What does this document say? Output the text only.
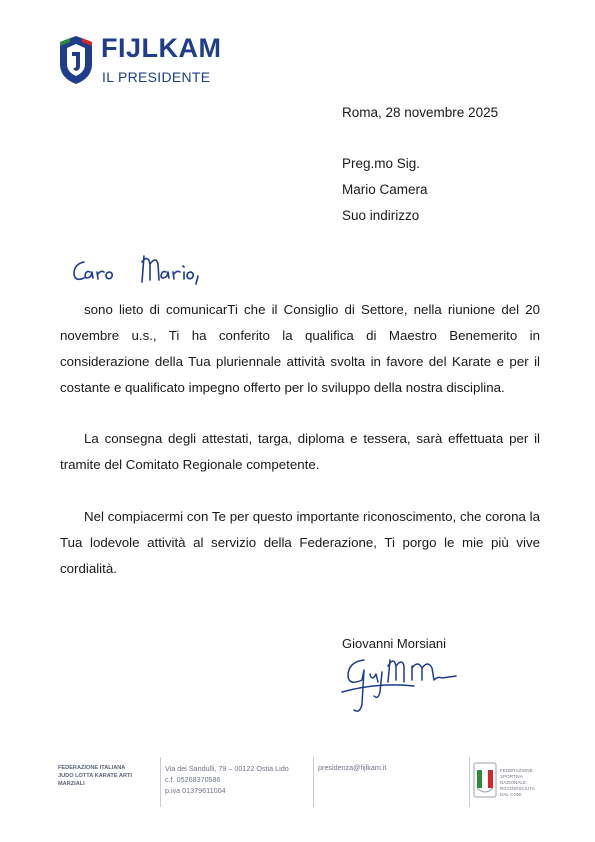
FIJLKAM
IL PRESIDENTE
Roma, 28 novembre 2025
Preg.mo Sig.
Mario Camera
Suo indirizzo

sono lieto di comunicarTi che il Consiglio di Settore, nella riunione del 20 novembre u.s., Ti ha conferito la qualifica di Maestro Benemerito in considerazione della Tua pluriennale attività svolta in favore del Karate e per il costante e qualificato impegno offerto per lo sviluppo della nostra disciplina.

La consegna degli attestati, targa, diploma e tessera, sarà effettuata per il tramite del Comitato Regionale competente.

Nel compiacermi con Te per questo importante riconoscimento, che corona la Tua lodevole attività al servizio della Federazione, Ti porgo le mie più vive cordialità.

Giovanni Morsiani
FEDERAZIONE ITALIANA
JUDO LOTTA KARATE ARTI MARZIALI
Via dei Sandulli, 79 – 00122 Ostia Lido
c.f. 05268370586
p.iva 01379611004
presidenza@fijlkam.it	FEDERAZIONE
SPORTIVA NAZIONALE
RICONOSCIUTA
DAL CONI
